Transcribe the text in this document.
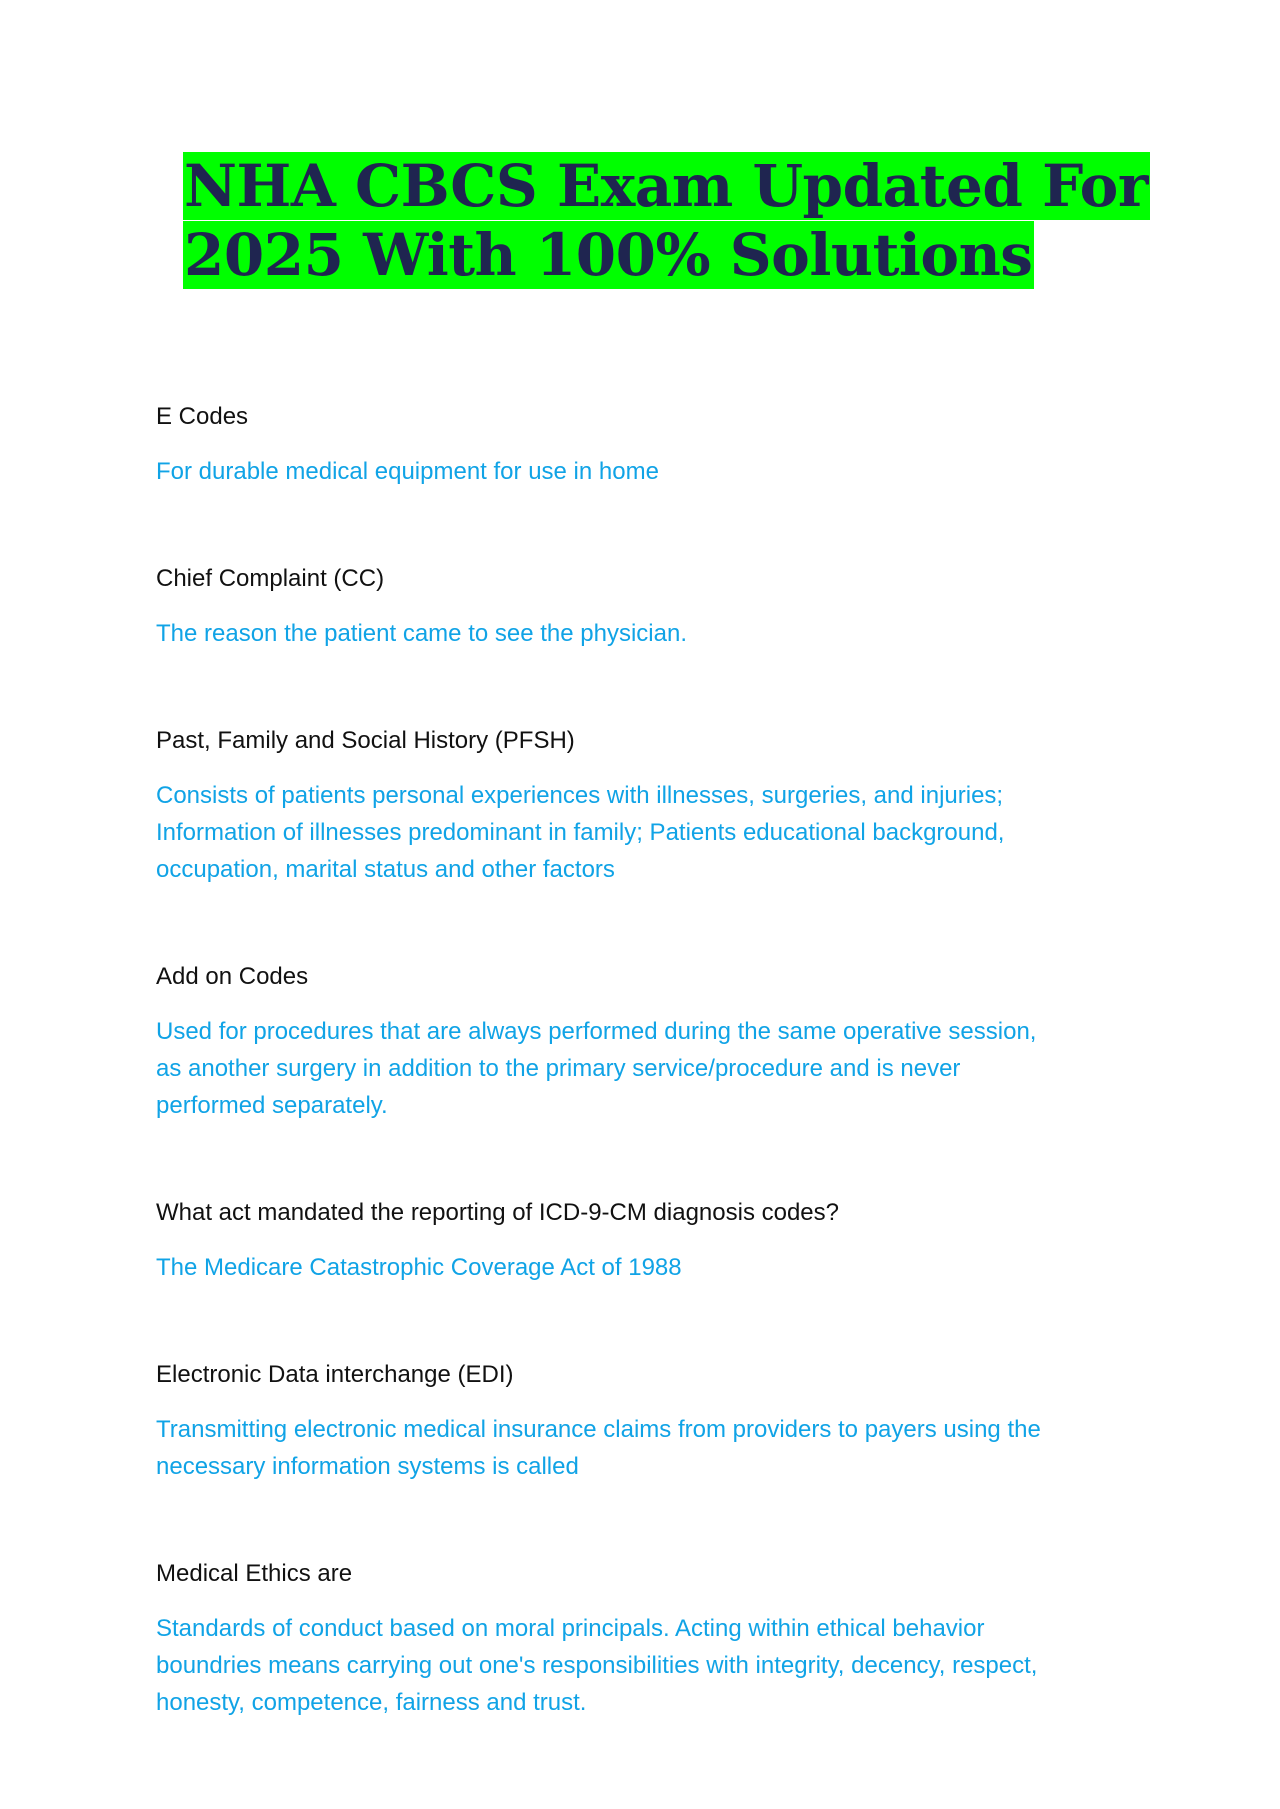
NHA CBCS Exam Updated For
2025 With 100% Solutions

E Codes

For durable medical equipment for use in home

Chief Complaint (CC)

The reason the patient came to see the physician.

Past, Family and Social History (PFSH)

Consists of patients personal experiences with illnesses, surgeries, and injuries;
Information of illnesses predominant in family; Patients educational background,
occupation, marital status and other factors

Add on Codes

Used for procedures that are always performed during the same operative session,
as another surgery in addition to the primary service/procedure and is never
performed separately.

What act mandated the reporting of ICD-9-CM diagnosis codes?

The Medicare Catastrophic Coverage Act of 1988

Electronic Data interchange (EDI)

Transmitting electronic medical insurance claims from providers to payers using the
necessary information systems is called

Medical Ethics are

Standards of conduct based on moral principals. Acting within ethical behavior
boundries means carrying out one's responsibilities with integrity, decency, respect,
honesty, competence, fairness and trust.
